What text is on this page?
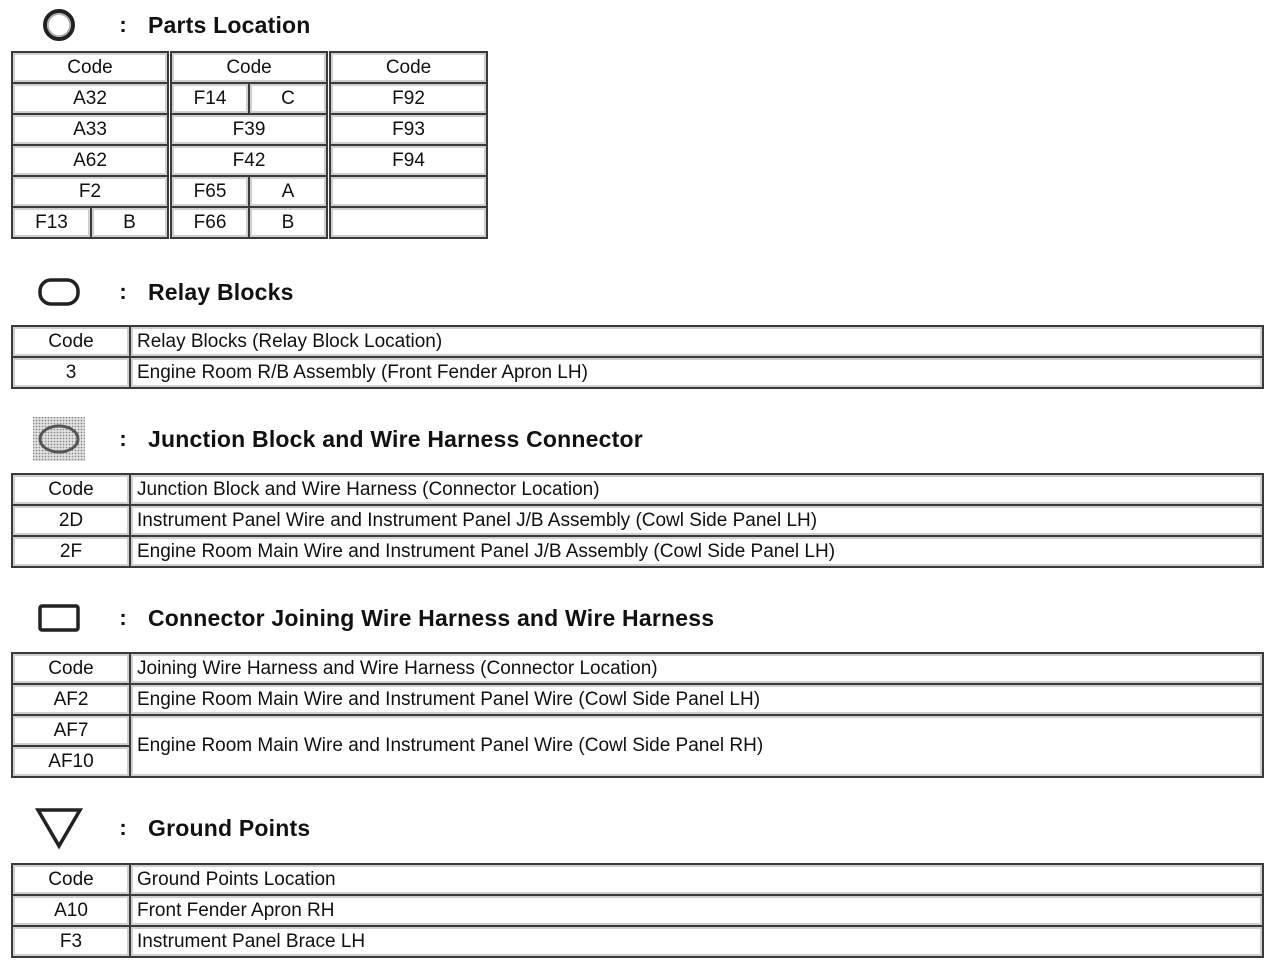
: Parts Location
Code			Code			Code
A32			F14	C		F92
A33			F39			F93
A62			F42			F94
F2			F65	A		
F13	B		F66	B		
: Relay Blocks
Code	Relay Blocks (Relay Block Location)
3	Engine Room R/B Assembly (Front Fender Apron LH)
: Junction Block and Wire Harness Connector
Code	Junction Block and Wire Harness (Connector Location)
2D	Instrument Panel Wire and Instrument Panel J/B Assembly (Cowl Side Panel LH)
2F	Engine Room Main Wire and Instrument Panel J/B Assembly (Cowl Side Panel LH)
: Connector Joining Wire Harness and Wire Harness
Code	Joining Wire Harness and Wire Harness (Connector Location)
AF2	Engine Room Main Wire and Instrument Panel Wire (Cowl Side Panel LH)
AF7	Engine Room Main Wire and Instrument Panel Wire (Cowl Side Panel RH)
AF10	
: Ground Points
Code	Ground Points Location
A10	Front Fender Apron RH
F3	Instrument Panel Brace LH
